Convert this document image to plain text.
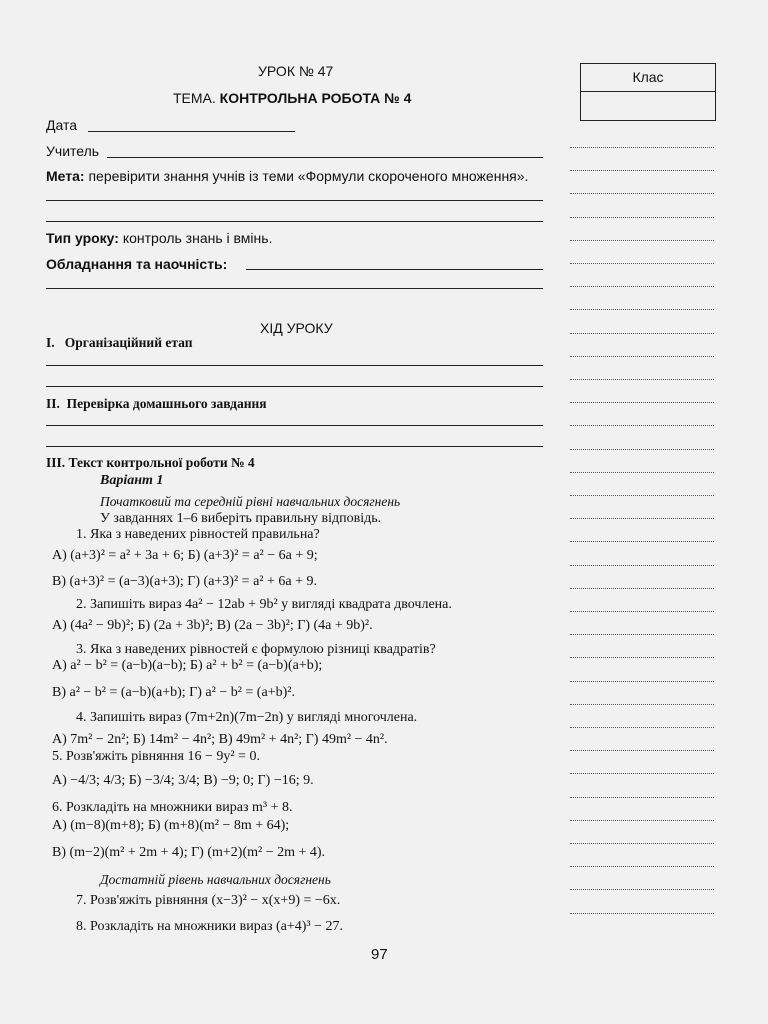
УРОК № 47
ТЕМА. КОНТРОЛЬНА РОБОТА № 4
Клас
Дата
Учитель
Мета: перевірити знання учнів із теми «Формули скороченого множення».
Тип уроку: контроль знань і вмінь.
Обладнання та наочність:
ХІД УРОКУ
I.   Організаційний етап
II.  Перевірка домашнього завдання
III. Текст контрольної роботи № 4
Варіант 1
Початковий та середній рівні навчальних досягнень
У завданнях 1–6 виберіть правильну відповідь.
1. Яка з наведених рівностей правильна?
А) (a+3)² = a² + 3a + 6; Б) (a+3)² = a² − 6a + 9;
В) (a+3)² = (a−3)(a+3); Г) (a+3)² = a² + 6a + 9.
2. Запишіть вираз 4a² − 12ab + 9b² у вигляді квадрата двочлена.
А) (4a² − 9b)²; Б) (2a + 3b)²; В) (2a − 3b)²; Г) (4a + 9b)².
3. Яка з наведених рівностей є формулою різниці квадратів?
А) a² − b² = (a−b)(a−b); Б) a² + b² = (a−b)(a+b);
В) a² − b² = (a−b)(a+b); Г) a² − b² = (a+b)².
4. Запишіть вираз (7m+2n)(7m−2n) у вигляді многочлена.
А) 7m² − 2n²; Б) 14m² − 4n²; В) 49m² + 4n²; Г) 49m² − 4n².
5. Розв'яжіть рівняння 16 − 9y² = 0.
А) −4/3; 4/3; Б) −3/4; 3/4; В) −9; 0; Г) −16; 9.
6. Розкладіть на множники вираз m³ + 8.
А) (m−8)(m+8); Б) (m+8)(m² − 8m + 64);
В) (m−2)(m² + 2m + 4); Г) (m+2)(m² − 2m + 4).
Достатній рівень навчальних досягнень
7. Розв'яжіть рівняння (x−3)² − x(x+9) = −6x.
8. Розкладіть на множники вираз (a+4)³ − 27.
97
